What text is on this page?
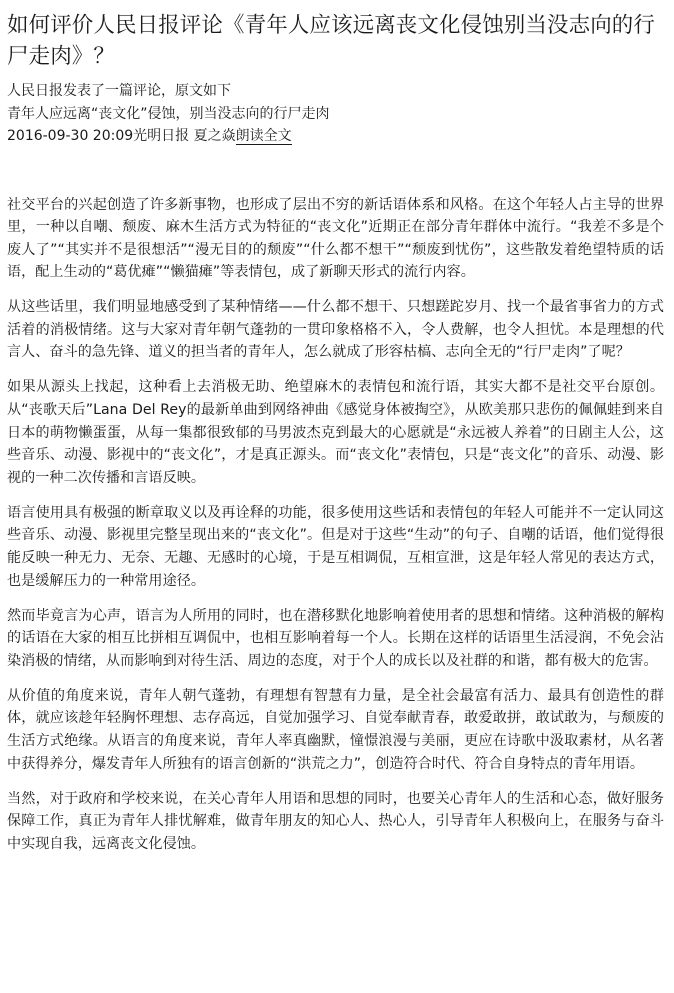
如何评价人民日报评论《青年人应该远离丧文化侵蚀别当没志向的行尸走肉》？
人民日报发表了一篇评论，原文如下
青年人应远离“丧文化”侵蚀，别当没志向的行尸走肉
2016-09-30 20:09光明日报 夏之焱朗读全文

社交平台的兴起创造了许多新事物，也形成了层出不穷的新话语体系和风格。在这个年轻人占主导的世界里，一种以自嘲、颓废、麻木生活方式为特征的“丧文化”近期正在部分青年群体中流行。“我差不多是个废人了”“其实并不是很想活”“漫无目的的颓废”“什么都不想干”“颓废到忧伤”，这些散发着绝望特质的话语，配上生动的“葛优瘫”“懒猫瘫”等表情包，成了新聊天形式的流行内容。

从这些话里，我们明显地感受到了某种情绪——什么都不想干、只想蹉跎岁月、找一个最省事省力的方式活着的消极情绪。这与大家对青年朝气蓬勃的一贯印象格格不入，令人费解，也令人担忧。本是理想的代言人、奋斗的急先锋、道义的担当者的青年人，怎么就成了形容枯槁、志向全无的“行尸走肉”了呢？

如果从源头上找起，这种看上去消极无助、绝望麻木的表情包和流行语，其实大都不是社交平台原创。从“丧歌天后”Lana Del Rey的最新单曲到网络神曲《感觉身体被掏空》，从欧美那只悲伤的佩佩蛙到来自日本的萌物懒蛋蛋，从每一集都很致郁的马男波杰克到最大的心愿就是“永远被人养着”的日剧主人公，这些音乐、动漫、影视中的“丧文化”，才是真正源头。而“丧文化”表情包，只是“丧文化”的音乐、动漫、影视的一种二次传播和言语反映。

语言使用具有极强的断章取义以及再诠释的功能，很多使用这些话和表情包的年轻人可能并不一定认同这些音乐、动漫、影视里完整呈现出来的“丧文化”。但是对于这些“生动”的句子、自嘲的话语，他们觉得很能反映一种无力、无奈、无趣、无感时的心境，于是互相调侃，互相宣泄，这是年轻人常见的表达方式，也是缓解压力的一种常用途径。

然而毕竟言为心声，语言为人所用的同时，也在潜移默化地影响着使用者的思想和情绪。这种消极的解构的话语在大家的相互比拼相互调侃中，也相互影响着每一个人。长期在这样的话语里生活浸润，不免会沾染消极的情绪，从而影响到对待生活、周边的态度，对于个人的成长以及社群的和谐，都有极大的危害。

从价值的角度来说，青年人朝气蓬勃，有理想有智慧有力量，是全社会最富有活力、最具有创造性的群体，就应该趁年轻胸怀理想、志存高远，自觉加强学习、自觉奉献青春，敢爱敢拼，敢试敢为，与颓废的生活方式绝缘。从语言的角度来说，青年人率真幽默，憧憬浪漫与美丽，更应在诗歌中汲取素材，从名著中获得养分，爆发青年人所独有的语言创新的“洪荒之力”，创造符合时代、符合自身特点的青年用语。

当然，对于政府和学校来说，在关心青年人用语和思想的同时，也要关心青年人的生活和心态，做好服务保障工作，真正为青年人排忧解难，做青年朋友的知心人、热心人，引导青年人积极向上，在服务与奋斗中实现自我，远离丧文化侵蚀。
